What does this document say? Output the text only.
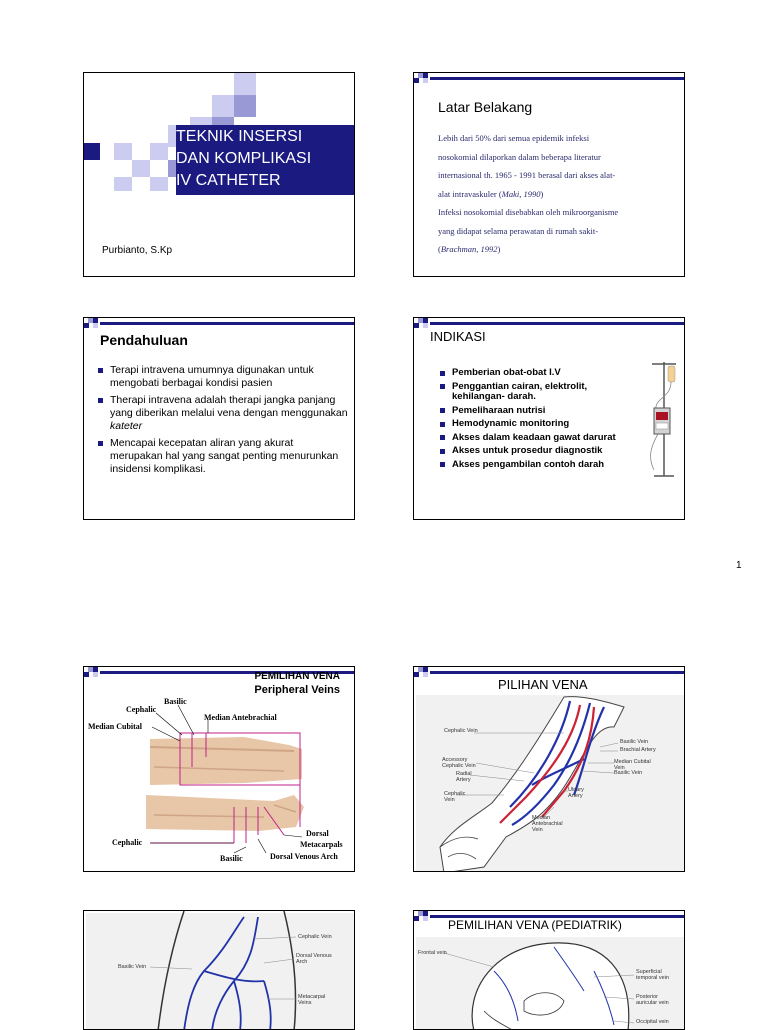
TEKNIK INSERSI
DAN KOMPLIKASI
IV CATHETER
Purbianto, S.Kp
Latar Belakang
Lebih dari 50% dari semua epidemik infeksi
nosokomial dilaporkan dalam beberapa literatur
internasional th. 1965 - 1991 berasal dari akses alat-
alat intravaskuler (Maki, 1990)
Infeksi nosokomial disebabkan oleh mikroorganisme
yang didapat selama perawatan di rumah sakit-
(Brachman, 1992)
Pendahuluan
Terapi intravena umumnya digunakan untuk mengobati berbagai kondisi pasien
Therapi intravena adalah therapi jangka panjang yang diberikan melalui vena dengan menggunakan kateter
Mencapai kecepatan aliran yang akurat merupakan hal yang sangat penting menurunkan insidensi komplikasi.
INDIKASI
Pemberian obat-obat I.V
Penggantian cairan, elektrolit, kehilangan- darah.
Pemeliharaan nutrisi
Hemodynamic monitoring
Akses dalam keadaan gawat darurat
Akses untuk prosedur diagnostik
Akses pengambilan contoh darah
1
PEMILIHAN VENA
Peripheral Veins
Basilic
Cephalic
Median Antebrachial
Median Cubital
Dorsal
Metacarpals
Cephalic
Basilic	Dorsal Venous Arch
PILIHAN VENA
Cephalic Vein
Basilic Vein
Brachial Artery
Accessory Cephalic Vein
Radial Artery
Median Cubital Vein
Basilic Vein
Cephalic Vein
Ulnary Artery
Median Antebrachial Vein
Cephalic Vein
Basilic Vein
Dorsal Venous Arch
Metacarpal Veins
PEMILIHAN VENA (PEDIATRIK)
Frontal vein
Superficial temporal vein
Posterior auricular vein
Occipital vein
